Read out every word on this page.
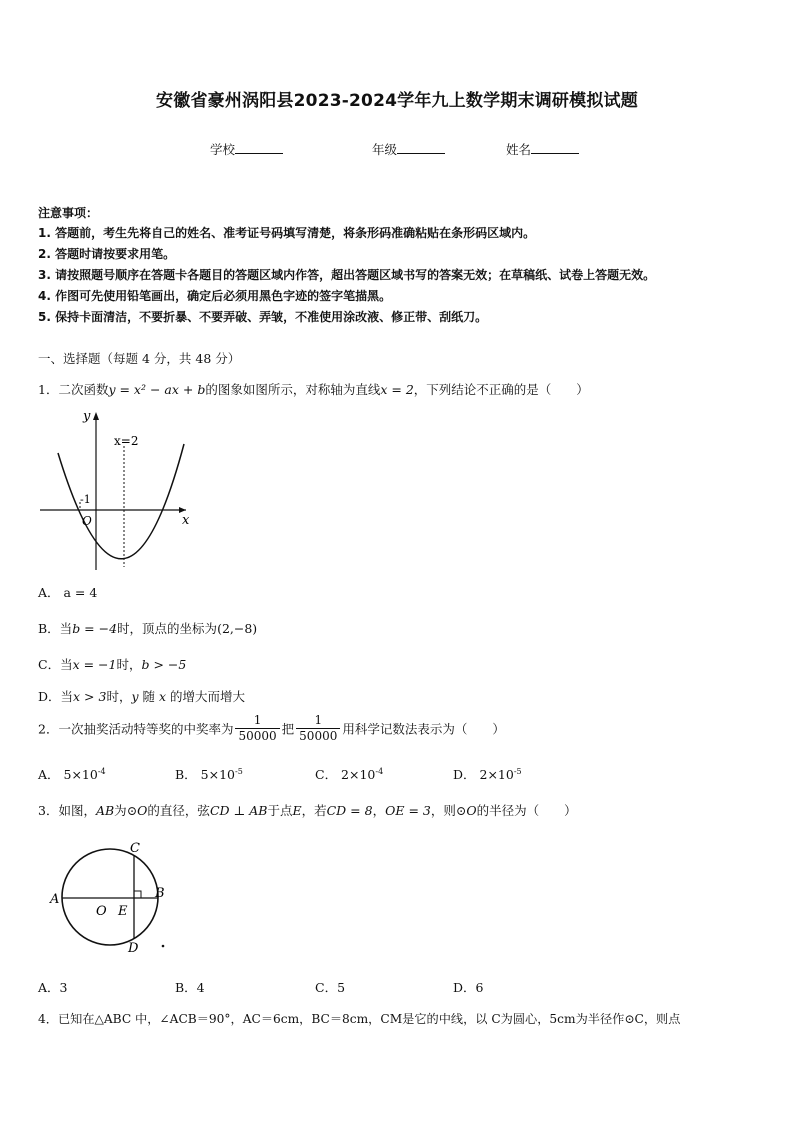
安徽省豪州涡阳县2023-2024学年九上数学期末调研模拟试题
学校	年级	姓名
注意事项：
1. 答题前，考生先将自己的姓名、准考证号码填写清楚，将条形码准确粘贴在条形码区域内。
2. 答题时请按要求用笔。
3. 请按照题号顺序在答题卡各题目的答题区域内作答，超出答题区域书写的答案无效；在草稿纸、试卷上答题无效。
4. 作图可先使用铅笔画出，确定后必须用黑色字迹的签字笔描黑。
5. 保持卡面清洁，不要折暴、不要弄破、弄皱，不准使用涂改液、修正带、刮纸刀。
一、选择题（每题 4 分，共 48 分）
1．二次函数y = x² − ax + b的图象如图所示，对称轴为直线x = 2，下列结论不正确的是（　　）
y
x
O
-1
x=2
A． a = 4
B．当b = −4时，顶点的坐标为(2,−8)
C．当x = −1时，b > −5
D．当x > 3时，y 随 x 的增大而增大
2．一次抽奖活动特等奖的中奖率为 $\frac{1}{50000}$ 把 $\frac{1}{50000}$ 用科学记数法表示为（　　）
A． $5\times 10^{-4}$	B． $5\times 10^{-5}$	C． $2\times 10^{-4}$	D． $2\times 10^{-5}$
3．如图，AB为⊙O的直径，弦CD ⊥ AB于点E，若CD = 8，OE = 3，则⊙O的半径为（　　）
A	B
C
D
O E
A．3	B．4	C．5	D．6
4．已知在△ABC 中，∠ACB＝90°，AC＝6cm，BC＝8cm，CM是它的中线，以 C为圆心，5cm为半径作⊙C，则点
